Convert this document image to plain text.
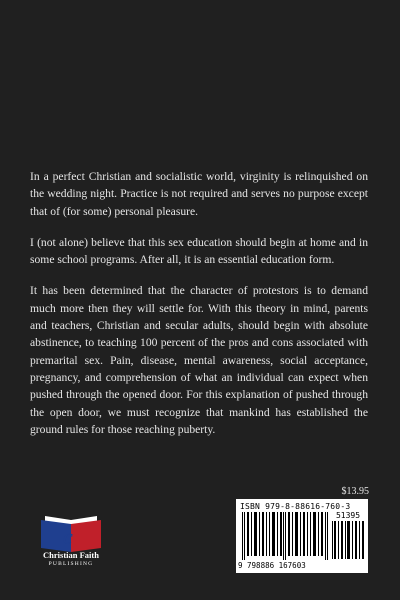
In a perfect Christian and socialistic world, virginity is relinquished on the wedding night. Practice is not required and serves no purpose except that of (for some) personal pleasure.

I (not alone) believe that this sex education should begin at home and in some school programs. After all, it is an essential education form.

It has been determined that the character of protestors is to demand much more then they will settle for. With this theory in mind, parents and teachers, Christian and secular adults, should begin with absolute abstinence, to teaching 100 percent of the pros and cons associated with premarital sex. Pain, disease, mental awareness, social acceptance, pregnancy, and comprehension of what an individual can expect when pushed through the opened door. For this explanation of pushed through the open door, we must recognize that mankind has established the ground rules for those reaching puberty.

$13.95
ISBN 979-8-88616-760-3
51395
9 798886 167603
c f
Christian Faith
PUBLISHING
